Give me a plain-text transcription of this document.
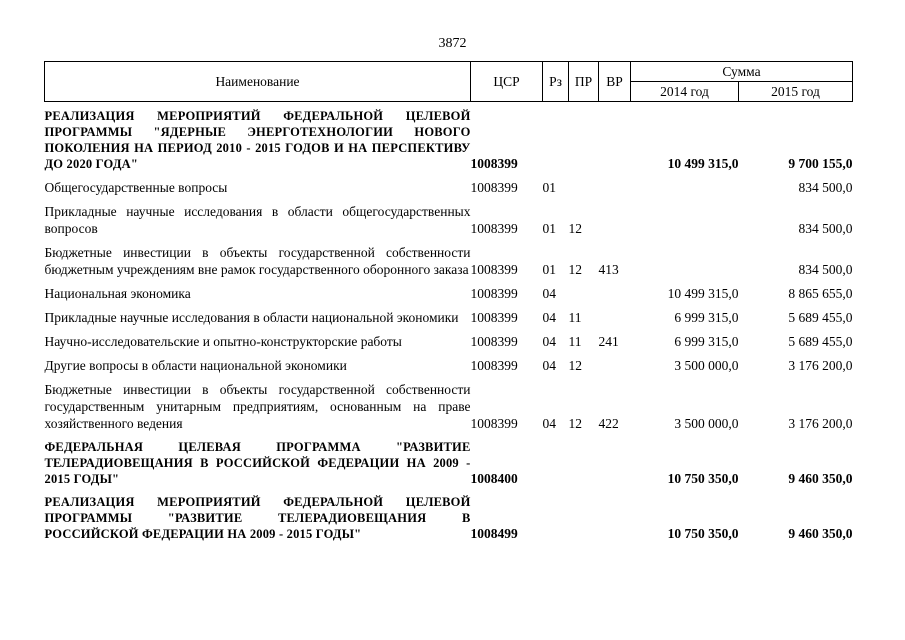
3872
Наименование	ЦСР	Рз	ПР	ВР	Сумма	
					2014 год	2015 год
РЕАЛИЗАЦИЯ МЕРОПРИЯТИЙ ФЕДЕРАЛЬНОЙ ЦЕЛЕВОЙ ПРОГРАММЫ "ЯДЕРНЫЕ ЭНЕРГОТЕХНОЛОГИИ НОВОГО ПОКОЛЕНИЯ НА ПЕРИОД 2010 - 2015 ГОДОВ И НА ПЕРСПЕКТИВУ ДО 2020 ГОДА"	1008399				10 499 315,0	9 700 155,0
Общегосударственные вопросы	1008399	01				834 500,0
Прикладные научные исследования в области общегосударственных вопросов	1008399	01	12			834 500,0
Бюджетные инвестиции в объекты государственной собственности бюджетным учреждениям вне рамок государственного оборонного заказа	1008399	01	12	413		834 500,0
Национальная экономика	1008399	04			10 499 315,0	8 865 655,0
Прикладные научные исследования в области национальной экономики	1008399	04	11		6 999 315,0	5 689 455,0
Научно-исследовательские и опытно-конструкторские работы	1008399	04	11	241	6 999 315,0	5 689 455,0
Другие вопросы в области национальной экономики	1008399	04	12		3 500 000,0	3 176 200,0
Бюджетные инвестиции в объекты государственной собственности государственным унитарным предприятиям, основанным на праве хозяйственного ведения	1008399	04	12	422	3 500 000,0	3 176 200,0
ФЕДЕРАЛЬНАЯ ЦЕЛЕВАЯ ПРОГРАММА "РАЗВИТИЕ ТЕЛЕРАДИОВЕЩАНИЯ В РОССИЙСКОЙ ФЕДЕРАЦИИ НА 2009 - 2015 ГОДЫ"	1008400				10 750 350,0	9 460 350,0
РЕАЛИЗАЦИЯ МЕРОПРИЯТИЙ ФЕДЕРАЛЬНОЙ ЦЕЛЕВОЙ ПРОГРАММЫ "РАЗВИТИЕ ТЕЛЕРАДИОВЕЩАНИЯ В РОССИЙСКОЙ ФЕДЕРАЦИИ НА 2009 - 2015 ГОДЫ"	1008499				10 750 350,0	9 460 350,0
